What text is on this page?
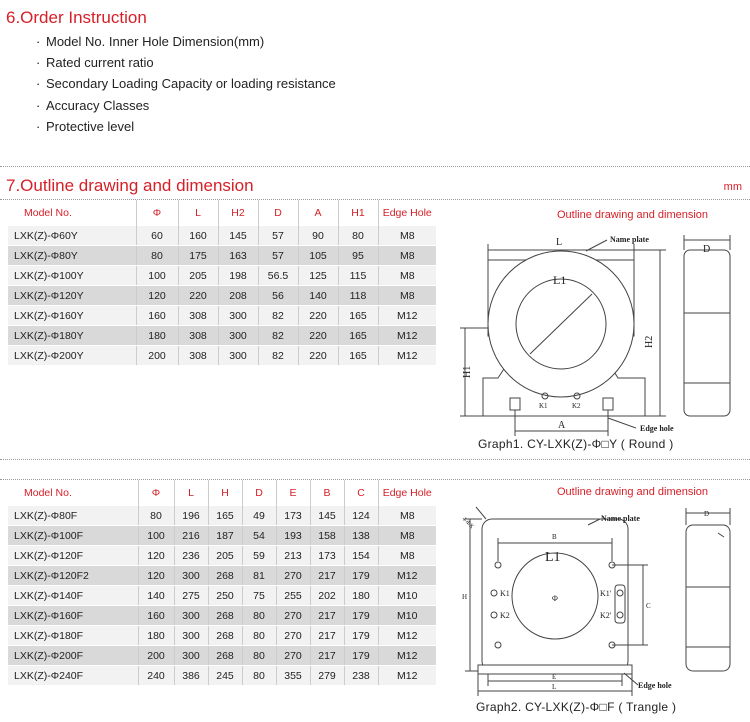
6.Order Instruction
· Model No. Inner Hole Dimension(mm)
· Rated current ratio
· Secondary Loading Capacity or loading resistance
· Accuracy Classes
· Protective level
7.Outline drawing and dimension	mm
Model No.	Φ	L	H2	D	A	H1	Edge Hole
LXK(Z)-Φ60Y	60	160	145	57	90	80	M8
LXK(Z)-Φ80Y	80	175	163	57	105	95	M8
LXK(Z)-Φ100Y	100	205	198	56.5	125	115	M8
LXK(Z)-Φ120Y	120	220	208	56	140	118	M8
LXK(Z)-Φ160Y	160	308	300	82	220	165	M12
LXK(Z)-Φ180Y	180	308	300	82	220	165	M12
LXK(Z)-Φ200Y	200	308	300	82	220	165	M12
Outline drawing and dimension
L
L1
Name plate
D
H2
H1
A
K1	K2
Edge hole
Graph1. CY-LXK(Z)-Φ□Y ( Round )
Model No.	Φ	L	H	D	E	B	C	Edge Hole
LXK(Z)-Φ80F	80	196	165	49	173	145	124	M8
LXK(Z)-Φ100F	100	216	187	54	193	158	138	M8
LXK(Z)-Φ120F	120	236	205	59	213	173	154	M8
LXK(Z)-Φ120F2	120	300	268	81	270	217	179	M12
LXK(Z)-Φ140F	140	275	250	75	255	202	180	M10
LXK(Z)-Φ160F	160	300	268	80	270	217	179	M10
LXK(Z)-Φ180F	180	300	268	80	270	217	179	M12
LXK(Z)-Φ200F	200	300	268	80	270	217	179	M12
LXK(Z)-Φ240F	240	386	245	80	355	279	238	M12
Outline drawing and dimension
4-ΦX	Name plate
B
L1
Φ
K1
K2
K1'
K2'
C
H
E
L
D
Edge hole
Graph2. CY-LXK(Z)-Φ□F ( Trangle )
